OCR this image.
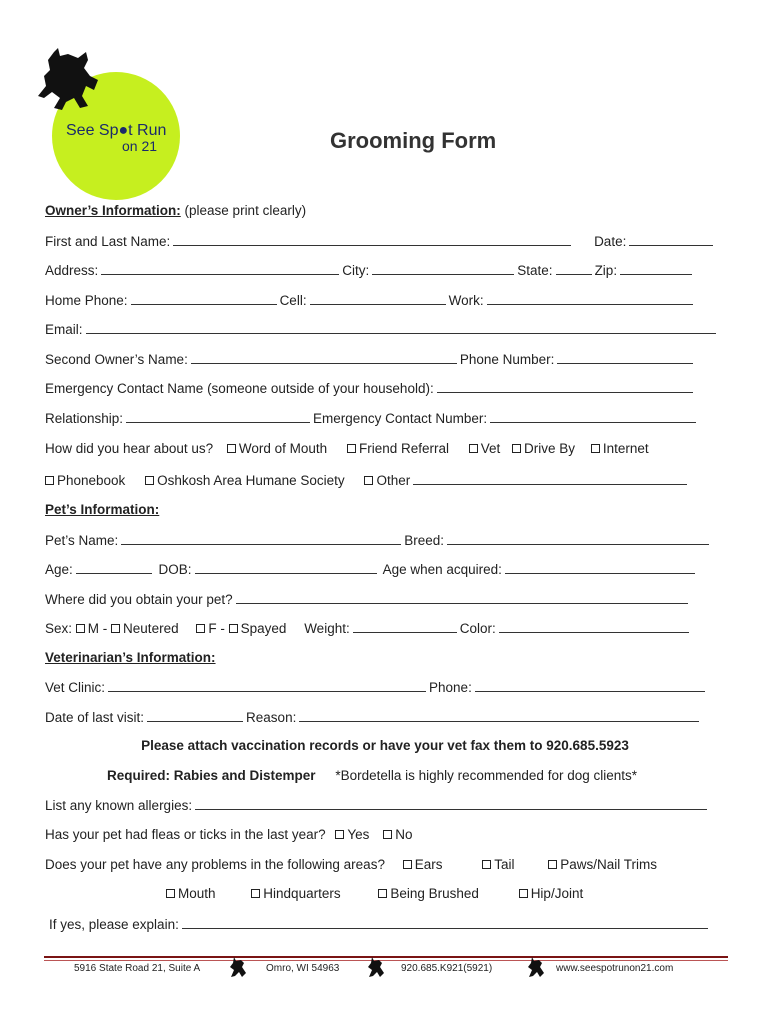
See Sp●t Run
on 21	Grooming Form
Owner’s Information: (please print clearly)
First and Last Name:	Date:
Address:	City:	State:	Zip:
Home Phone:	Cell:	Work:
Email:
Second Owner’s Name:	Phone Number:
Emergency Contact Name (someone outside of your household):
Relationship:	Emergency Contact Number:
How did you hear about us? Word of Mouth Friend Referral Vet Drive By Internet
Phonebook Oshkosh Area Humane Society Other
Pet’s Information:
Pet’s Name:	Breed:
Age:	DOB:	Age when acquired:
Where did you obtain your pet?
Sex: M - Neutered F - Spayed Weight:	Color:
Veterinarian’s Information:
Vet Clinic:	Phone:
Date of last visit:	Reason:
Please attach vaccination records or have your vet fax them to 920.685.5923
Required: Rabies and Distemper *Bordetella is highly recommended for dog clients*
List any known allergies:
Has your pet had fleas or ticks in the last year? Yes No
Does your pet have any problems in the following areas? Ears	Tail	Paws/Nail Trims
Mouth	Hindquarters	Being Brushed	Hip/Joint
If yes, please explain:
5916 State Road 21, Suite A	Omro, WI 54963	920.685.K921(5921)	www.seespotrunon21.com
